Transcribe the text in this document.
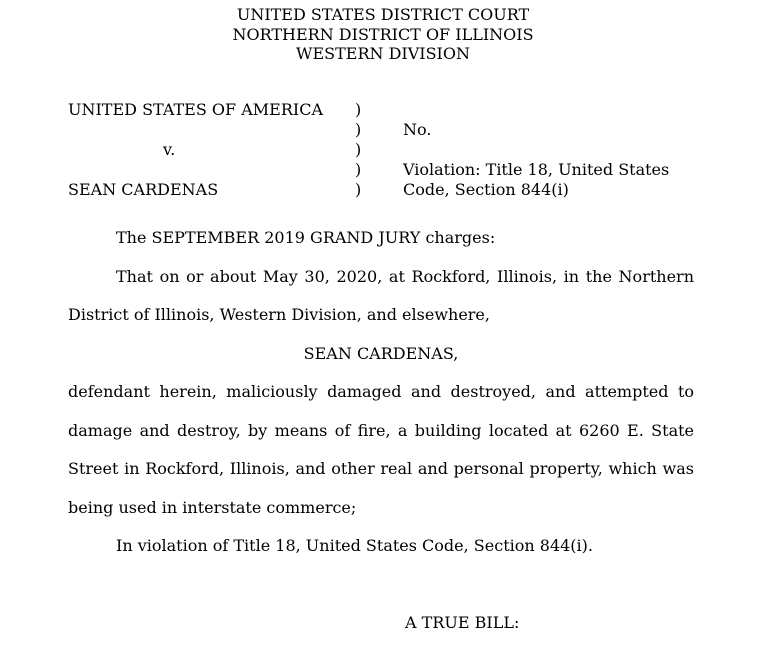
UNITED STATES DISTRICT COURT
NORTHERN DISTRICT OF ILLINOIS
WESTERN DIVISION
UNITED STATES OF AMERICA
v.
SEAN CARDENAS
)
)
)
)
)
No.
Violation: Title 18, United States
Code, Section 844(i)

The SEPTEMBER 2019 GRAND JURY charges:

That on or about May 30, 2020, at Rockford, Illinois, in the Northern District of Illinois, Western Division, and elsewhere,

SEAN CARDENAS,

defendant herein, maliciously damaged and destroyed, and attempted to damage and destroy, by means of fire, a building located at 6260 E. State Street in Rockford, Illinois, and other real and personal property, which was being used in interstate commerce;

In violation of Title 18, United States Code, Section 844(i).

A TRUE BILL:
